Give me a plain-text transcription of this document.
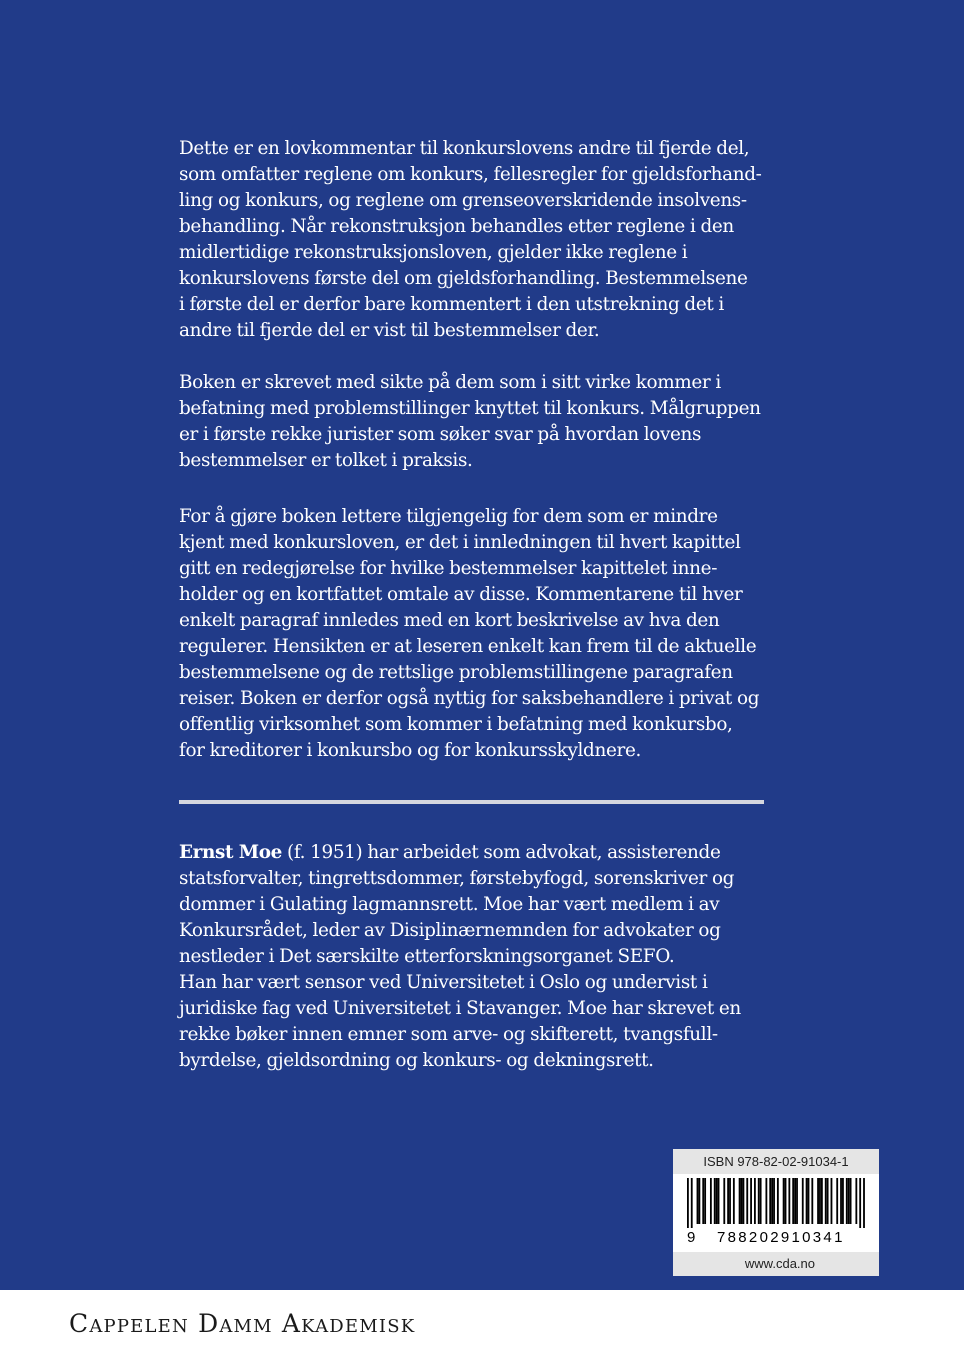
Dette er en lovkommentar til konkurslovens andre til fjerde del,
som omfatter reglene om konkurs, fellesregler for gjeldsforhand-
ling og konkurs, og reglene om grenseoverskridende insolvens-
behandling. Når rekonstruksjon behandles etter reglene i den
midlertidige rekonstruksjonsloven, gjelder ikke reglene i
konkurslovens første del om gjeldsforhandling. Bestemmelsene
i første del er derfor bare kommentert i den utstrekning det i
andre til fjerde del er vist til bestemmelser der.

Boken er skrevet med sikte på dem som i sitt virke kommer i
befatning med problemstillinger knyttet til konkurs. Målgruppen
er i første rekke jurister som søker svar på hvordan lovens
bestemmelser er tolket i praksis.

For å gjøre boken lettere tilgjengelig for dem som er mindre
kjent med konkursloven, er det i innledningen til hvert kapittel
gitt en redegjørelse for hvilke bestemmelser kapittelet inne-
holder og en kortfattet omtale av disse. Kommentarene til hver
enkelt paragraf innledes med en kort beskrivelse av hva den
regulerer. Hensikten er at leseren enkelt kan frem til de aktuelle
bestemmelsene og de rettslige problemstillingene paragrafen
reiser. Boken er derfor også nyttig for saksbehandlere i privat og
offentlig virksomhet som kommer i befatning med konkursbo,
for kreditorer i konkursbo og for konkursskyldnere.

Ernst Moe (f. 1951) har arbeidet som advokat, assisterende
statsforvalter, tingrettsdommer, førstebyfogd, sorenskriver og
dommer i Gulating lagmannsrett. Moe har vært medlem i av
Konkursrådet, leder av Disiplinærnemnden for advokater og
nestleder i Det særskilte etterforskningsorganet SEFO.
Han har vært sensor ved Universitetet i Oslo og undervist i
juridiske fag ved Universitetet i Stavanger. Moe har skrevet en
rekke bøker innen emner som arve- og skifterett, tvangsfull-
byrdelse, gjeldsordning og konkurs- og dekningsrett.

ISBN 978-82-02-91034-1
9 788202910341
www.cda.no
Cappelen Damm Akademisk
